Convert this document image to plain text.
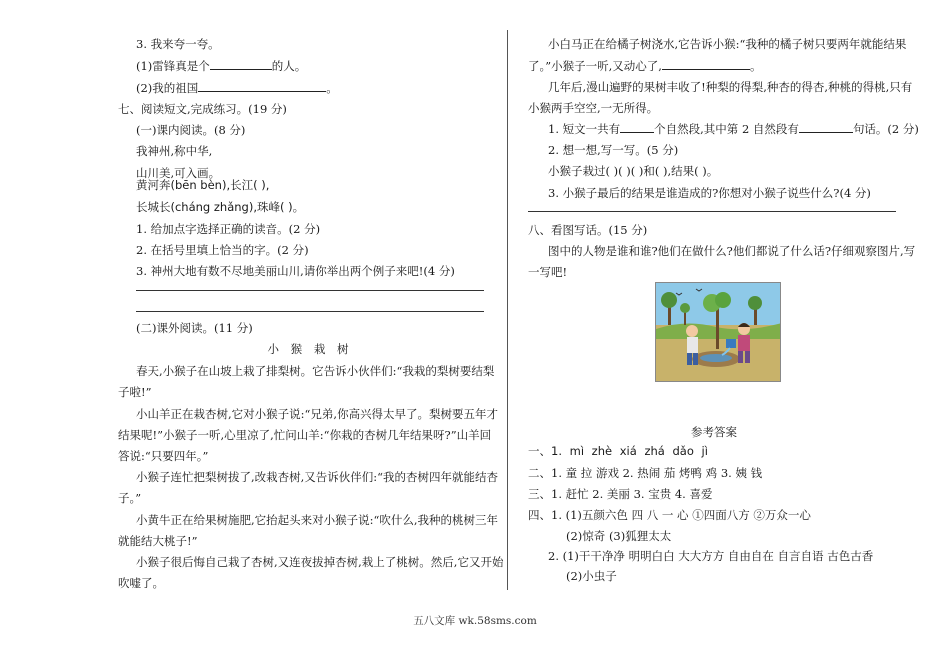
3. 我来夸一夸。
(1)雷锋真是个	的人。
(2)我的祖国	。
七、阅读短文,完成练习。(19 分)
(一)课内阅读。(8 分)
我神州,称中华,
山川美,可入画。
黄河奔(bēn bèn),长江( ),
长城长(cháng zhǎng),珠峰( )。
1. 给加点字选择正确的读音。(2 分)
2. 在括号里填上恰当的字。(2 分)
3. 神州大地有数不尽地美丽山川,请你举出两个例子来吧!(4 分)
(二)课外阅读。(11 分)
小 猴 栽 树
春天,小猴子在山坡上栽了排梨树。它告诉小伙伴们:“我栽的梨树要结梨
子啦!”
小山羊正在栽杏树,它对小猴子说:“兄弟,你高兴得太早了。梨树要五年才
结果呢!”小猴子一听,心里凉了,忙问山羊:“你栽的杏树几年结果呀?”山羊回
答说:“只要四年。”
小猴子连忙把梨树拔了,改栽杏树,又告诉伙伴们:“我的杏树四年就能结杏
子。”
小黄牛正在给果树施肥,它抬起头来对小猴子说:“吹什么,我种的桃树三年
就能结大桃子!”
小猴子很后悔自己栽了杏树,又连夜拔掉杏树,栽上了桃树。然后,它又开始
吹嘘了。
小白马正在给橘子树浇水,它告诉小猴:“我种的橘子树只要两年就能结果
了。”小猴子一听,又动心了,	。
几年后,漫山遍野的果树丰收了!种梨的得梨,种杏的得杏,种桃的得桃,只有
小猴两手空空,一无所得。
1. 短文一共有	个自然段,其中第 2 自然段有	句话。(2 分)
2. 想一想,写一写。(5 分)
小猴子栽过( )( )( )和( ),结果( )。
3. 小猴子最后的结果是谁造成的?你想对小猴子说些什么?(4 分)
八、看图写话。(15 分)
图中的人物是谁和谁?他们在做什么?他们都说了什么话?仔细观察图片,写
一写吧!
参考答案
一、1. mì zhè xiá zhá dǎo jì
二、1. 童 拉 游戏 2. 热闹 茄 烤鸭 鸡 3. 姨 钱
三、1. 赶忙 2. 美丽 3. 宝贵 4. 喜爱
四、1. (1)五颜六色 四 八 一 心 ①四面八方 ②万众一心
(2)惊奇 (3)狐狸太太
2. (1)干干净净 明明白白 大大方方 自由自在 自言自语 古色古香
(2)小虫子
五八文库 wk.58sms.com
